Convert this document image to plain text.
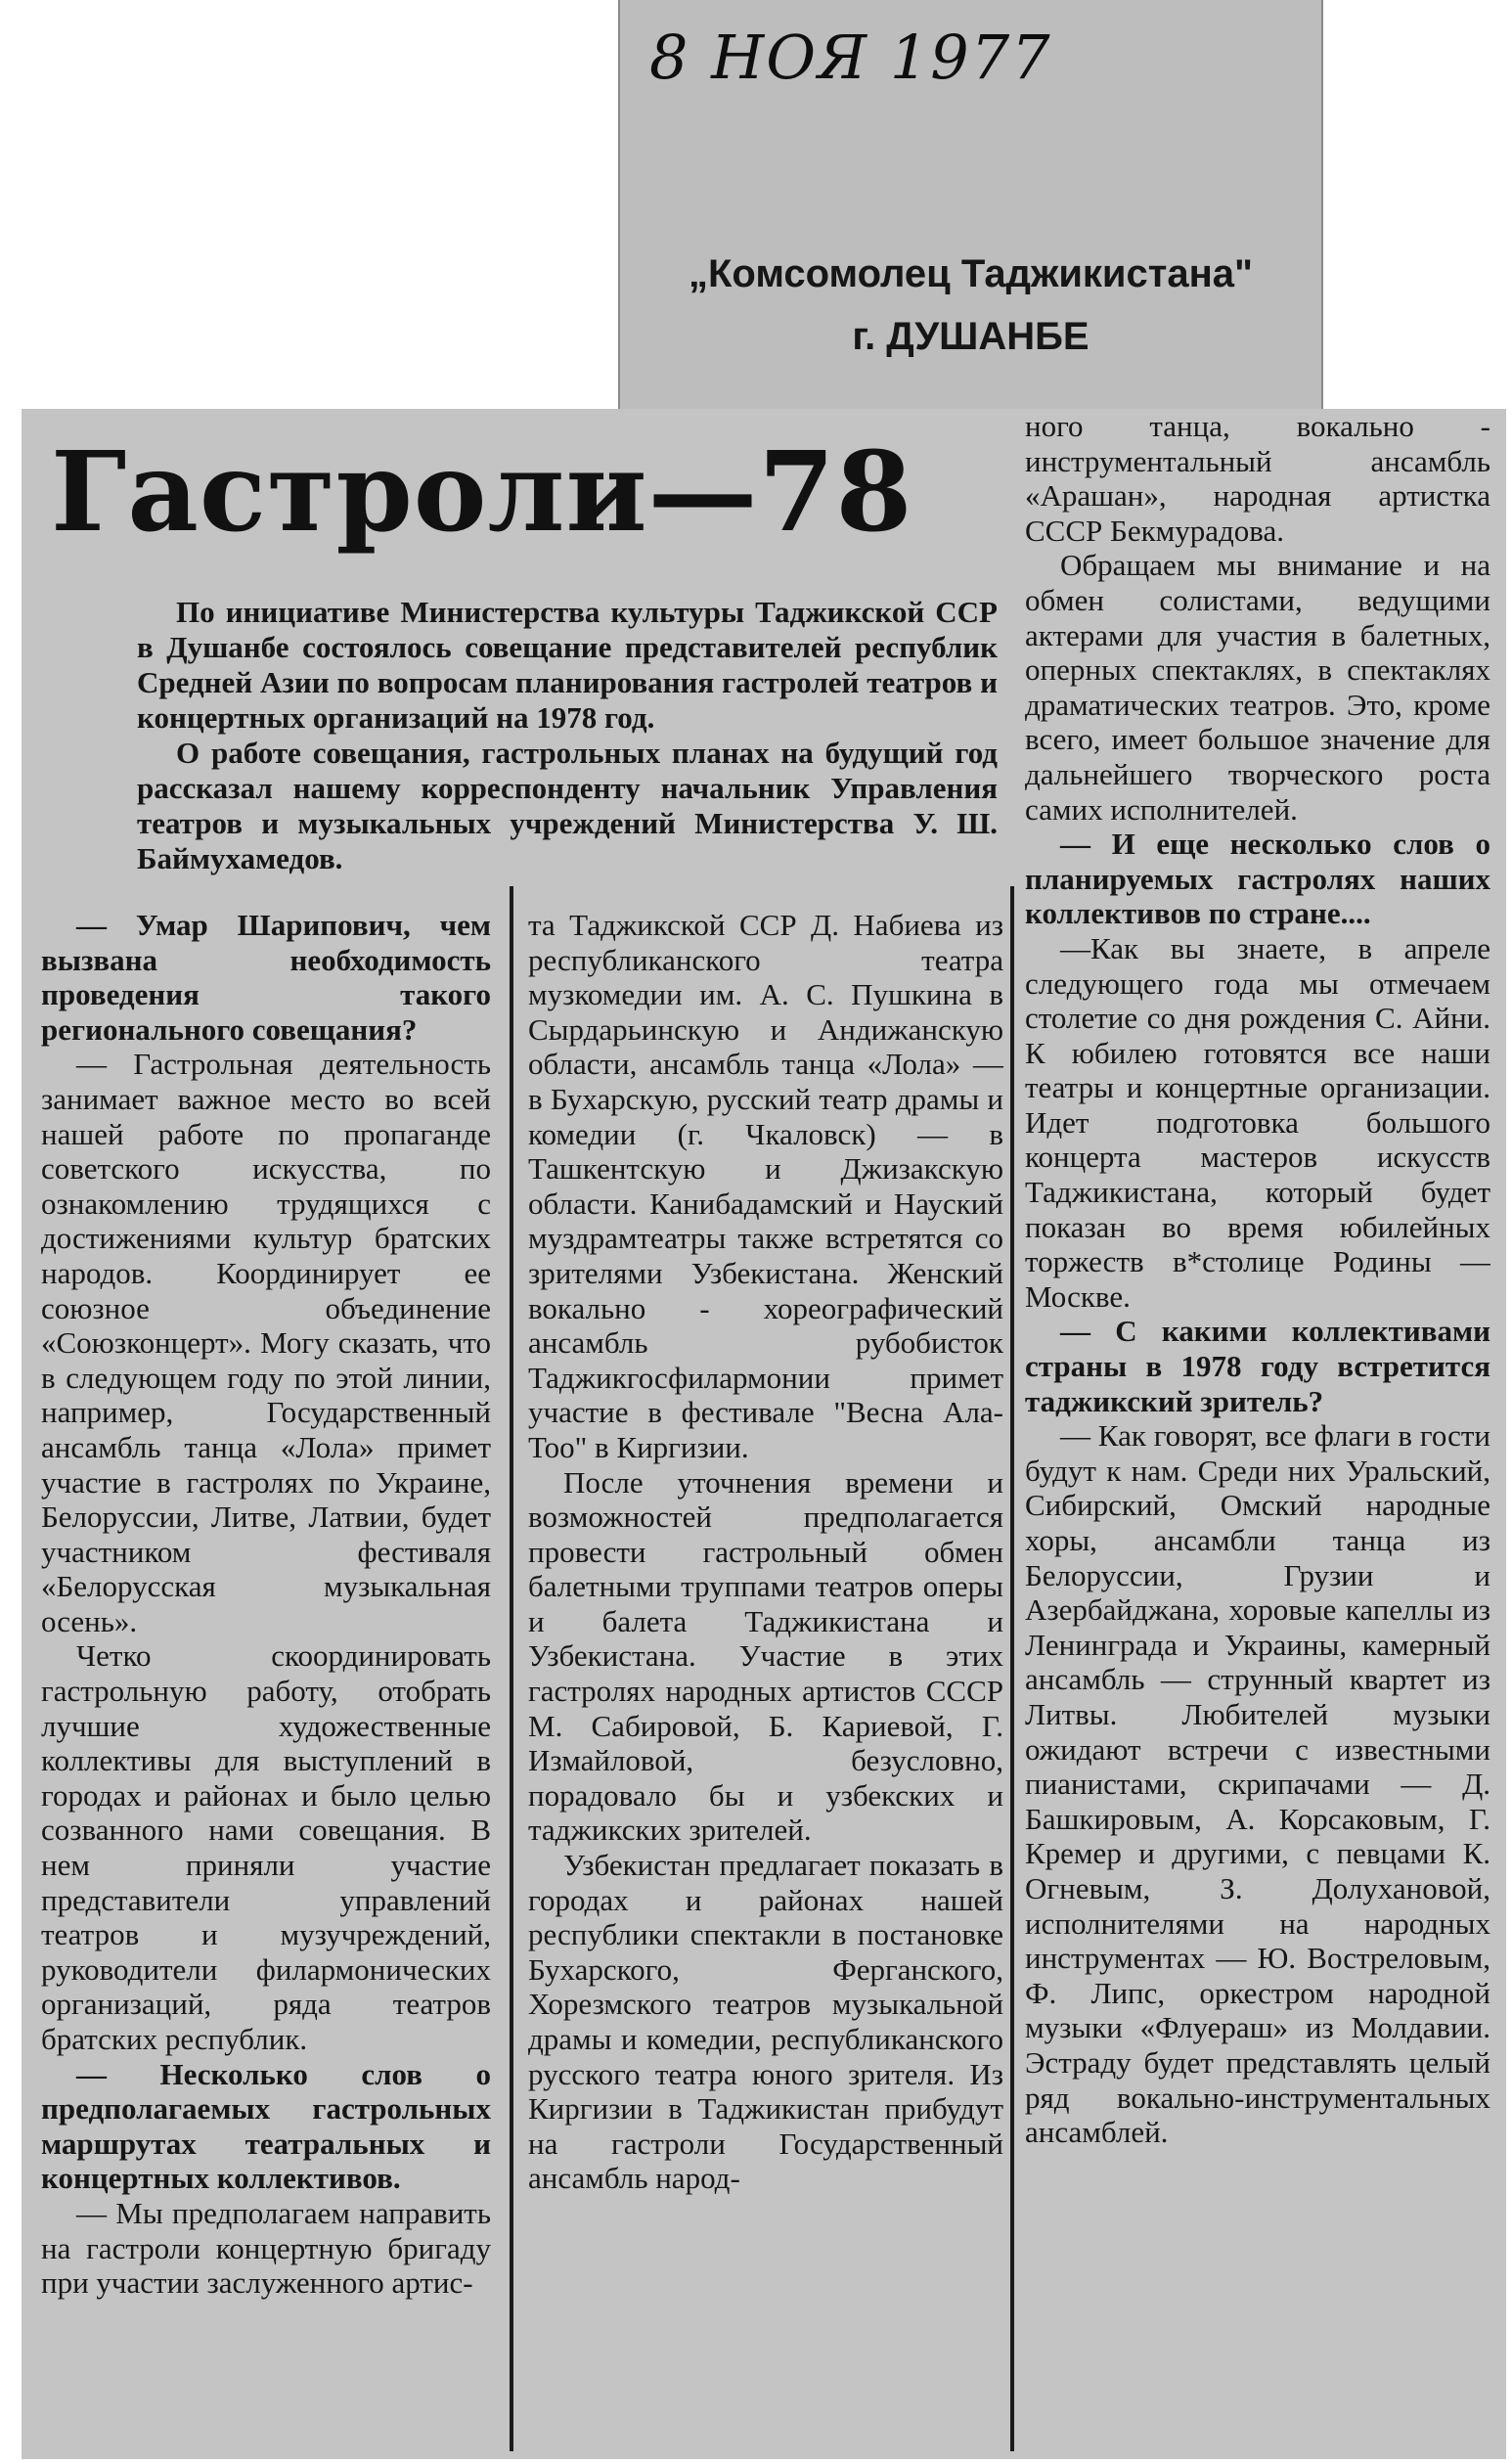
8 НОЯ 1977
„Комсомолец Таджикистана"
г. ДУШАНБЕ
Гастроли—78

По инициативе Министерства культуры Таджикской ССР в Душанбе состоялось совещание представителей республик Средней Азии по вопросам планирования гастролей театров и концертных организаций на 1978 год.

О работе совещания, гастрольных планах на будущий год рассказал нашему корреспонденту начальник Управления театров и музыкальных учреждений Министерства У. Ш. Баймухамедов.

— Умар Шарипович, чем вызвана необходимость проведения такого регионального совещания?

— Гастрольная деятельность занимает важное место во всей нашей работе по пропаганде советского искусства, по ознакомлению трудящихся с достижениями культур братских народов. Координирует ее союзное объединение «Союзконцерт». Могу сказать, что в следующем году по этой линии, например, Государственный ансамбль танца «Лола» примет участие в гастролях по Украине, Белоруссии, Литве, Латвии, будет участником фестиваля «Белорусская музыкальная осень».

Четко скоординировать гастрольную работу, отобрать лучшие художественные коллективы для выступлений в городах и районах и было целью созванного нами совещания. В нем приняли участие представители управлений театров и музучреждений, руководители филармонических организаций, ряда театров братских республик.

— Несколько слов о предполагаемых гастрольных маршрутах театральных и концертных коллективов.

— Мы предполагаем направить на гастроли концертную бригаду при участии заслуженного артис-

та Таджикской ССР Д. Набиева из республиканского театра музкомедии им. А. С. Пушкина в Сырдарьинскую и Андижанскую области, ансамбль танца «Лола» — в Бухарскую, русский театр драмы и комедии (г. Чкаловск) — в Ташкентскую и Джизакскую области. Канибадамский и Науский муздрамтеатры также встретятся со зрителями Узбекистана. Женский вокально - хореографический ансамбль рубобисток Таджикгосфилармонии примет участие в фестивале "Весна Ала-Тоо" в Киргизии.

После уточнения времени и возможностей предполагается провести гастрольный обмен балетными труппами театров оперы и балета Таджикистана и Узбекистана. Участие в этих гастролях народных артистов СССР М. Сабировой, Б. Кариевой, Г. Измайловой, безусловно, порадовало бы и узбекских и таджикских зрителей.

Узбекистан предлагает показать в городах и районах нашей республики спектакли в постановке Бухарского, Ферганского, Хорезмского театров музыкальной драмы и комедии, республиканского русского театра юного зрителя. Из Киргизии в Таджикистан прибудут на гастроли Государственный ансамбль народ-

ного танца, вокально - инструментальный ансамбль «Арашан», народная артистка СССР Бекмурадова.

Обращаем мы внимание и на обмен солистами, ведущими актерами для участия в балетных, оперных спектаклях, в спектаклях драматических театров. Это, кроме всего, имеет большое значение для дальнейшего творческого роста самих исполнителей.

— И еще несколько слов о планируемых гастролях наших коллективов по стране....

—Как вы знаете, в апреле следующего года мы отмечаем столетие со дня рождения С. Айни. К юбилею готовятся все наши театры и концертные организации. Идет подготовка большого концерта мастеров искусств Таджикистана, который будет показан во время юбилейных торжеств в*столице Родины — Москве.

— С какими коллективами страны в 1978 году встретится таджикский зритель?

— Как говорят, все флаги в гости будут к нам. Среди них Уральский, Сибирский, Омский народные хоры, ансамбли танца из Белоруссии, Грузии и Азербайджана, хоровые капеллы из Ленинграда и Украины, камерный ансамбль — струнный квартет из Литвы. Любителей музыки ожидают встречи с известными пианистами, скрипачами — Д. Башкировым, А. Корсаковым, Г. Кремер и другими, с певцами К. Огневым, З. Долухановой, исполнителями на народных инструментах — Ю. Востреловым, Ф. Липс, оркестром народной музыки «Флуераш» из Молдавии. Эстраду будет представлять целый ряд вокально-инструментальных ансамблей.
